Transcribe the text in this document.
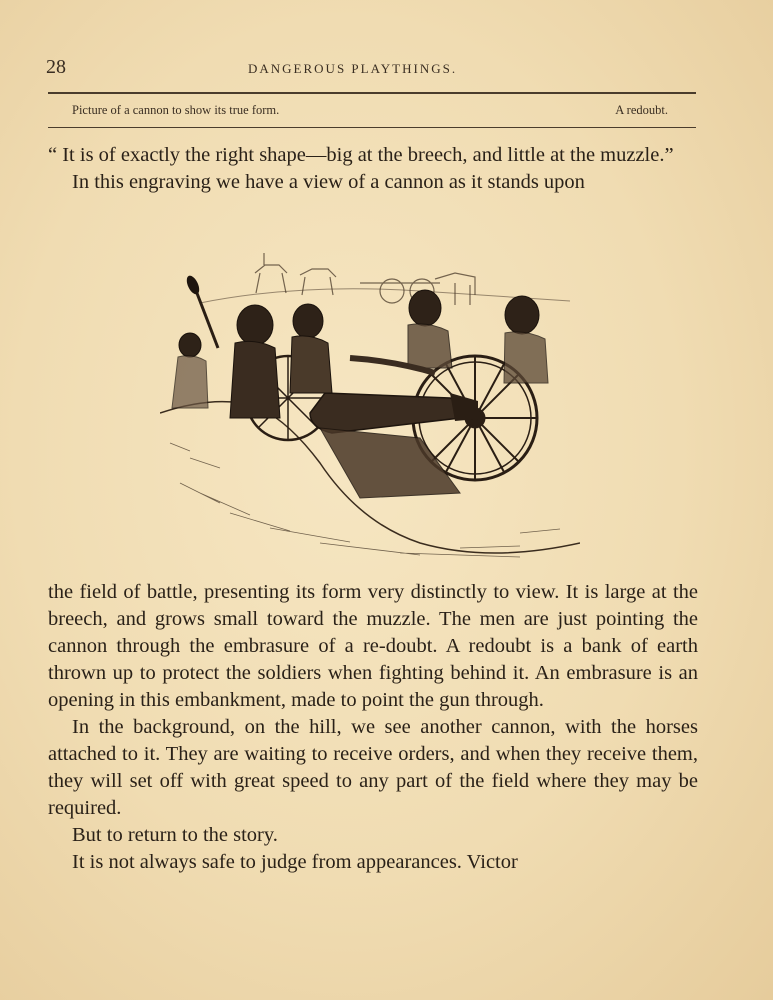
28	DANGEROUS PLAYTHINGS.
Picture of a cannon to show its true form.	A redoubt.

“ It is of exactly the right shape—big at the breech, and little at the muzzle.”

In this engraving we have a view of a cannon as it stands upon

the field of battle, presenting its form very distinctly to view. It is large at the breech, and grows small toward the muzzle. The men are just pointing the cannon through the embrasure of a re-doubt. A redoubt is a bank of earth thrown up to protect the soldiers when fighting behind it. An embrasure is an opening in this embankment, made to point the gun through.

In the background, on the hill, we see another cannon, with the horses attached to it. They are waiting to receive orders, and when they receive them, they will set off with great speed to any part of the field where they may be required.

But to return to the story.

It is not always safe to judge from appearances. Victor
